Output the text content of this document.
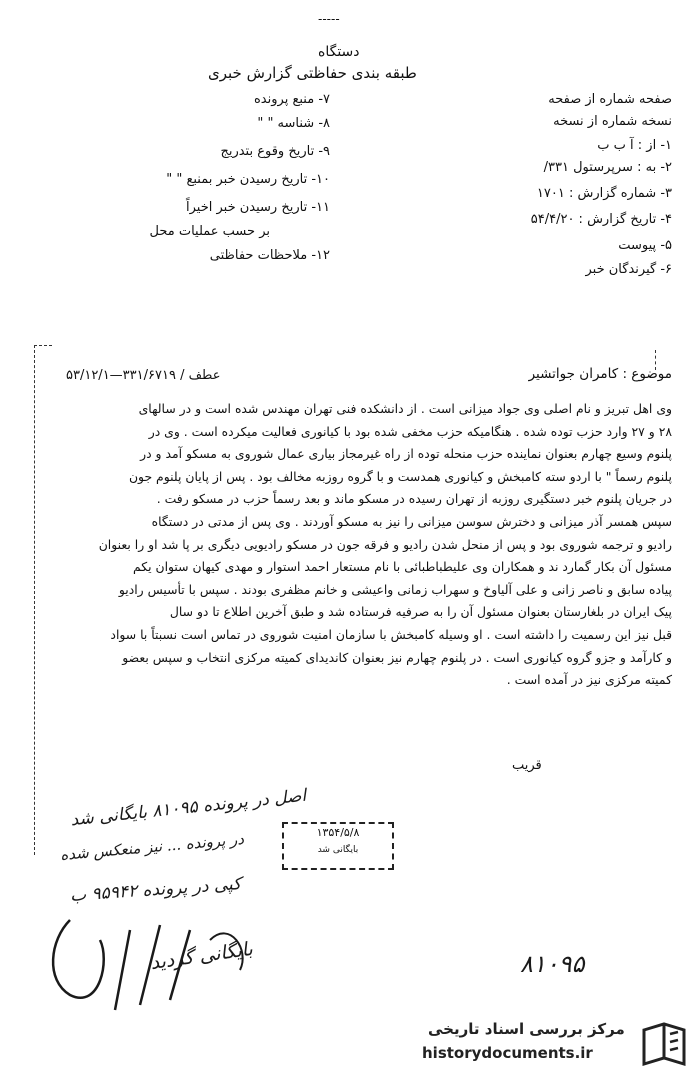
-----
دستگاه
طبقه بندی حفاظتی گزارش خبری
صفحه شماره از صفحه
نسخه شماره از نسخه
۱- از : آ ب ب
۲- به : سرپرستول ۳۳۱/
۳- شماره گزارش : ۱۷۰۱
۴- تاریخ گزارش : ۵۴/۴/۲۰
۵- پیوست
۶- گیرندگان خبر
۷- منبع پرونده
۸- شناسه " "
۹- تاریخ وقوع بتدریج
۱۰- تاریخ رسیدن خبر بمنبع " "
۱۱- تاریخ رسیدن خبر اخیراً
بر حسب عملیات محل
۱۲- ملاحظات حفاظتی
موضوع : کامران جواتشیر
عطف / ۳۳۱/۶۷۱۹—۵۳/۱۲/۱
وی اهل تبریز و نام اصلی وی جواد میزانی است . از دانشکده فنی تهران مهندس شده است و در سالهای
۲۸ و ۲۷ وارد حزب توده شده . هنگامیکه حزب مخفی شده بود با کیانوری فعالیت میکرده است . وی در
پلنوم وسیع چهارم بعنوان نماینده حزب منحله توده از راه غیرمجاز بیاری عمال شوروی به مسکو آمد و در
پلنوم رسماً " با اردو سته کامبخش و کیانوری همدست و با گروه روزبه مخالف بود . پس از پایان پلنوم جون
در جریان پلنوم خبر دستگیری روزبه از تهران رسیده در مسکو ماند و بعد رسماً حزب در مسکو رفت .
سپس همسر آذر میزانی و دخترش سوسن میزانی را نیز به مسکو آوردند . وی پس از مدتی در دستگاه
رادیو و ترجمه شوروی بود و پس از منحل شدن رادیو و فرقه جون در مسکو رادیویی دیگری بر پا شد او را بعنوان
مسئول آن بکار گمارد ند و همکاران وی علیطباطبائی با نام مستعار احمد استوار و مهدی کیهان ستوان یکم
پیاده سابق و ناصر زانی و علی آلیاوخ و سهراب زمانی واعیشی و خانم مظفری بودند . سپس با تأسیس رادیو
پیک ایران در بلغارستان بعنوان مسئول آن را به صرفیه فرستاده شد و طبق آخرین اطلاع تا دو سال
قبل نیز این رسمیت را داشته است . او وسیله کامبخش با سازمان امنیت شوروی در تماس است نسبتاً با سواد
و کارآمد و جزو گروه کیانوری است . در پلنوم چهارم نیز بعنوان کاندیدای کمیته مرکزی انتخاب و سپس بعضو
کمیته مرکزی نیز در آمده است .
قریب
اصل در پرونده ۸۱۰۹۵ بایگانی شد
در پرونده ... نیز منعکس شده
کپی در پرونده ۹۵۹۴۲ ب
بایگانی گردید	۸۱۰۹۵
۱۳۵۴/۵/۸
بایگانی شد
مرکز بررسی اسناد تاریخی
historydocuments.ir
